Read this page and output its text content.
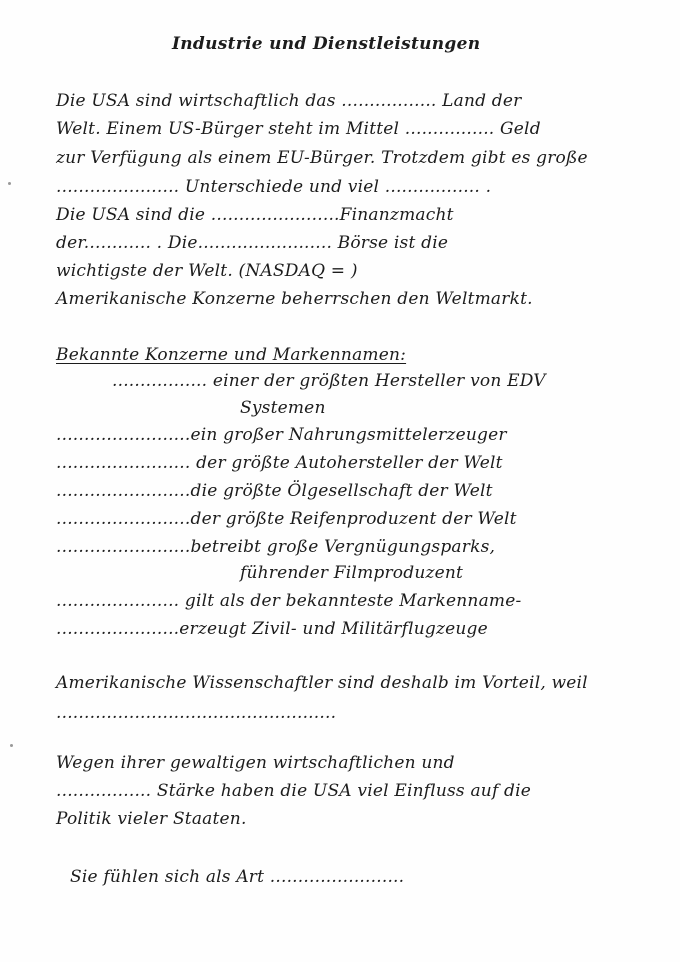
Industrie und Dienstleistungen
Die USA sind wirtschaftlich das ................. Land der
Welt. Einem US-Bürger steht im Mittel ................ Geld
zur Verfügung als einem EU-Bürger. Trotzdem gibt es große
...................... Unterschiede und viel ................. .
Die USA sind die .......................Finanzmacht
der............ . Die........................ Börse ist die
wichtigste der Welt. (NASDAQ = )
Amerikanische Konzerne beherrschen den Weltmarkt.
Bekannte Konzerne und Markennamen:
................. einer der größten Hersteller von EDV
Systemen
........................ein großer Nahrungsmittelerzeuger
........................ der größte Autohersteller der Welt
........................die größte Ölgesellschaft der Welt
........................der größte Reifenproduzent der Welt
........................betreibt große Vergnügungsparks,
führender Filmproduzent
...................... gilt als der bekannteste Markenname-
......................erzeugt Zivil- und Militärflugzeuge
Amerikanische Wissenschaftler sind deshalb im Vorteil, weil
..................................................
Wegen ihrer gewaltigen wirtschaftlichen und
................. Stärke haben die USA viel Einfluss auf die
Politik vieler Staaten.
Sie fühlen sich als Art ........................
